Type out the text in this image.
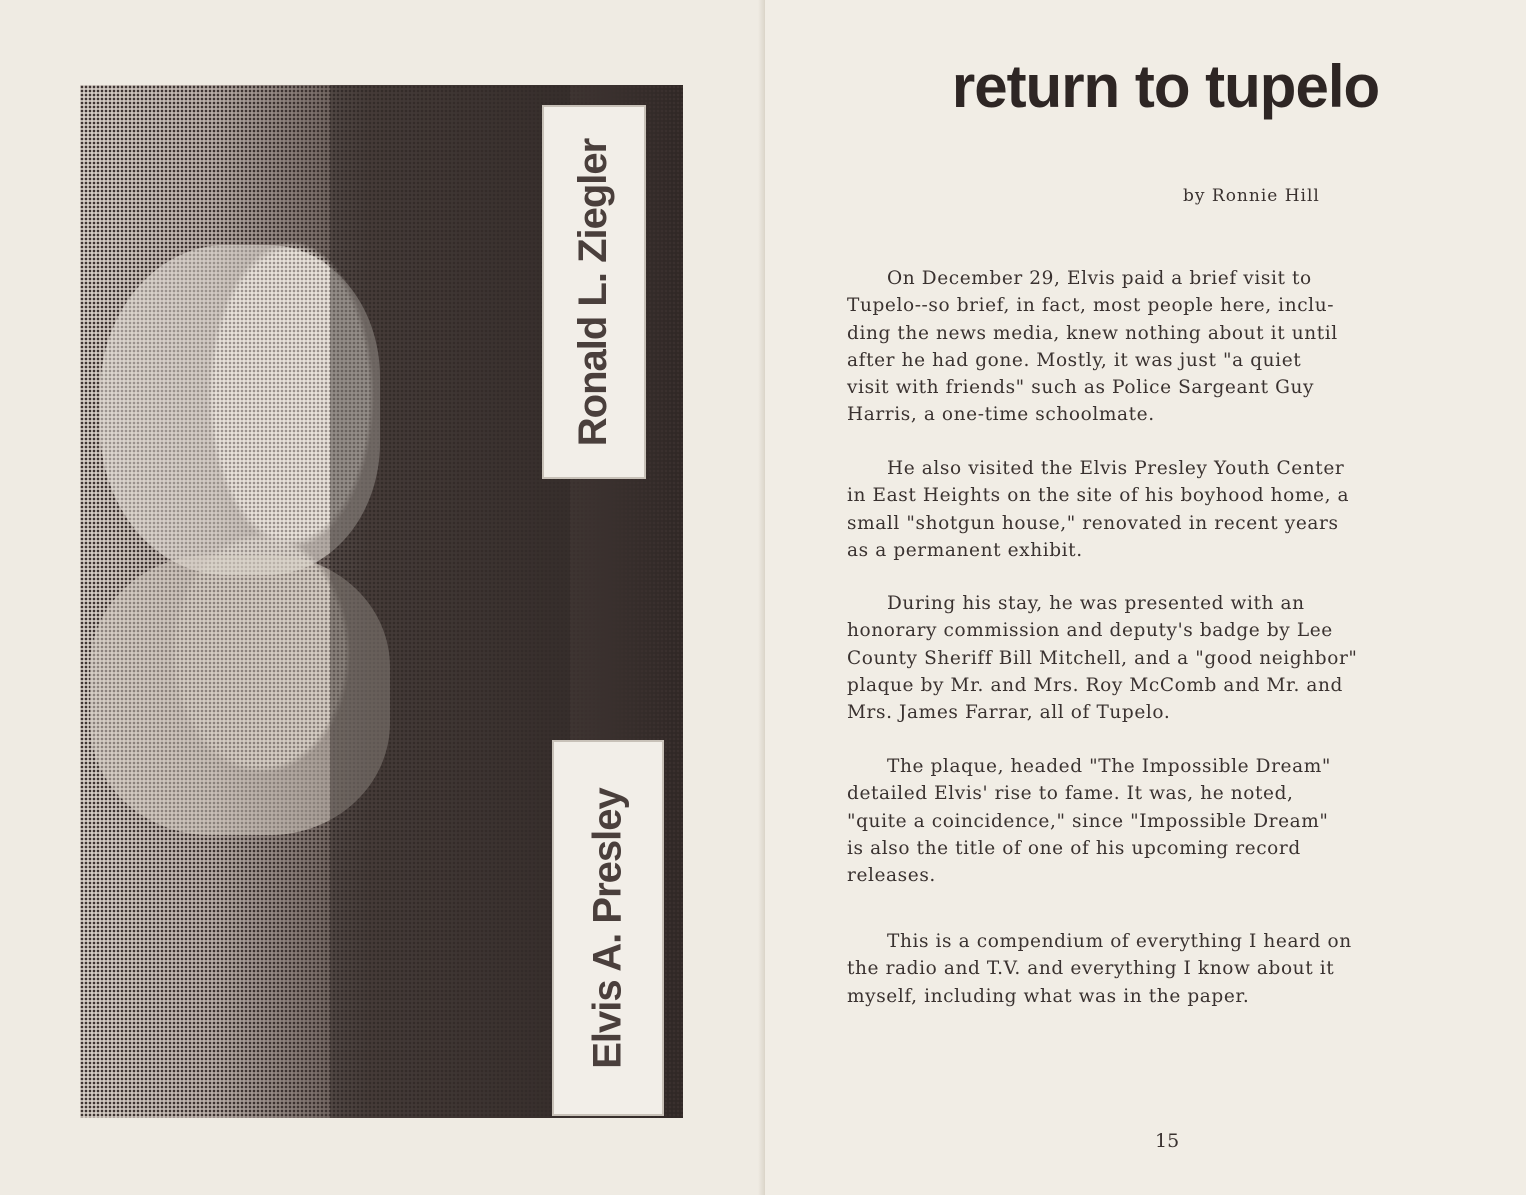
Ronald L. Ziegler
Elvis A. Presley
return to tupelo
by Ronnie Hill

On December 29, Elvis paid a brief visit to
Tupelo--so brief, in fact, most people here, inclu-
ding the news media, knew nothing about it until
after he had gone. Mostly, it was just "a quiet
visit with friends" such as Police Sargeant Guy
Harris, a one-time schoolmate.

He also visited the Elvis Presley Youth Center
in East Heights on the site of his boyhood home, a
small "shotgun house," renovated in recent years
as a permanent exhibit.

During his stay, he was presented with an
honorary commission and deputy's badge by Lee
County Sheriff Bill Mitchell, and a "good neighbor"
plaque by Mr. and Mrs. Roy McComb and Mr. and
Mrs. James Farrar, all of Tupelo.

The plaque, headed "The Impossible Dream"
detailed Elvis' rise to fame. It was, he noted,
"quite a coincidence," since "Impossible Dream"
is also the title of one of his upcoming record
releases.

This is a compendium of everything I heard on
the radio and T.V. and everything I know about it
myself, including what was in the paper.

15
